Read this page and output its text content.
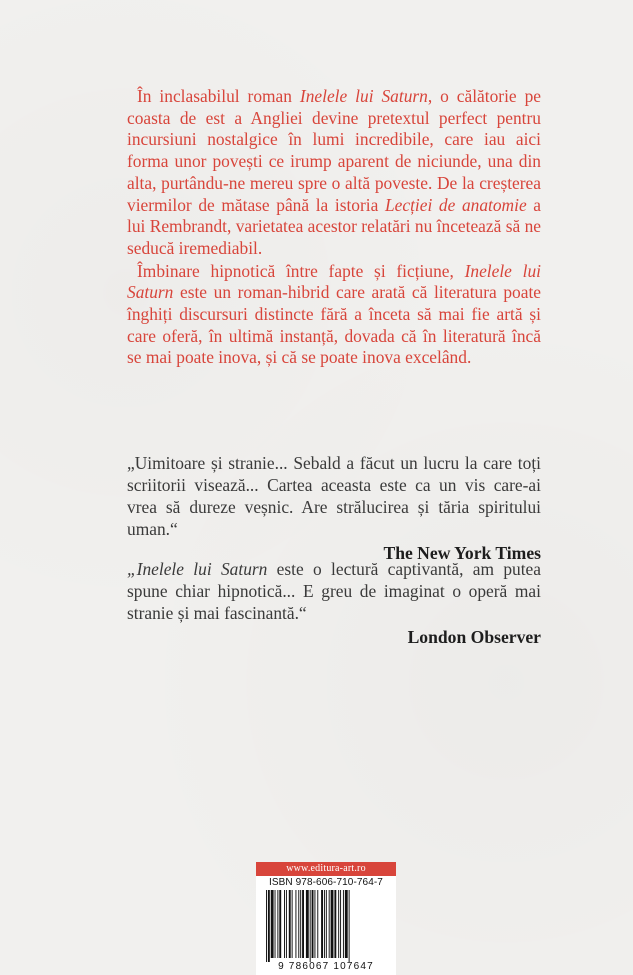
În inclasabilul roman Inelele lui Saturn, o călătorie pe coasta de est a Angliei devine pretextul perfect pentru incursiuni nostalgice în lumi incredibile, care iau aici forma unor povești ce irump aparent de niciunde, una din alta, purtându-ne mereu spre o altă poveste. De la creșterea viermilor de mătase până la istoria Lecției de anatomie a lui Rembrandt, varietatea acestor relatări nu încetează să ne seducă iremediabil.

Îmbinare hipnotică între fapte și ficțiune, Inelele lui Saturn este un roman-hibrid care arată că literatura poate înghiți discursuri distincte fără a înceta să mai fie artă și care oferă, în ultimă instanță, dovada că în literatură încă se mai poate inova, și că se poate inova excelând.

„Uimitoare și stranie... Sebald a făcut un lucru la care toți scriitorii visează... Cartea aceasta este ca un vis care-ai vrea să dureze veșnic. Are strălucirea și tăria spiritului uman.“

The New York Times

„Inelele lui Saturn este o lectură captivantă, am putea spune chiar hipnotică... E greu de imaginat o operă mai stranie și mai fascinantă.“

London Observer
www.editura-art.ro
ISBN 978-606-710-764-7
9 786067 107647
